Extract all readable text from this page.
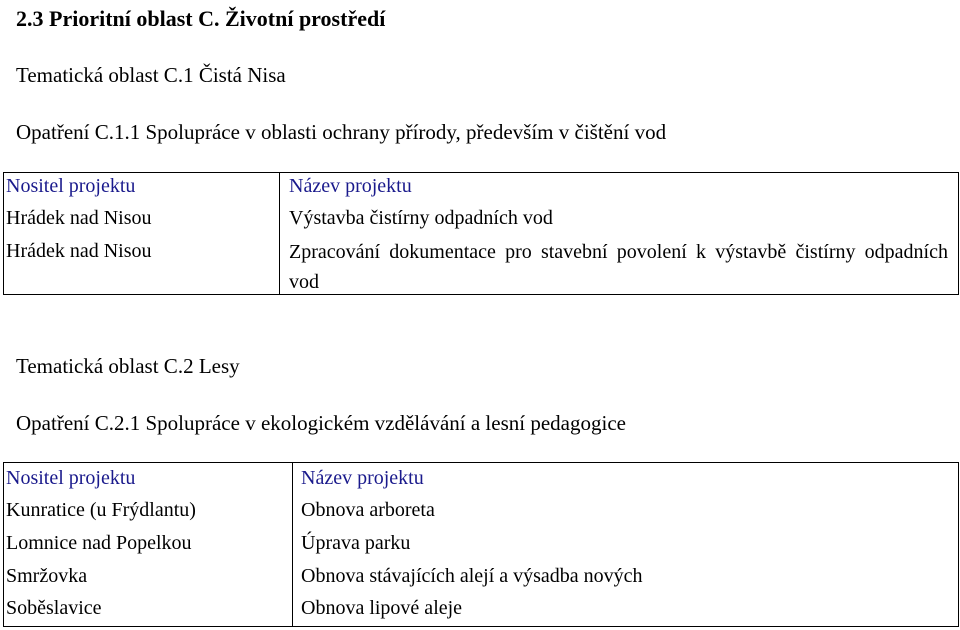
2.3 Prioritní oblast C. Životní prostředí
Tematická oblast C.1 Čistá Nisa
Opatření C.1.1 Spolupráce v oblasti ochrany přírody, především v čištění vod
Nositel projektu	Název projektu
Hrádek nad Nisou	Výstavba čistírny odpadních vod
Hrádek nad Nisou	Zpracování dokumentace pro stavební povolení k výstavbě čistírny odpadních vod
Tematická oblast C.2 Lesy
Opatření C.2.1 Spolupráce v ekologickém vzdělávání a lesní pedagogice
Nositel projektu	Název projektu
Kunratice (u Frýdlantu)	Obnova arboreta
Lomnice nad Popelkou	Úprava parku
Smržovka	Obnova stávajících alejí a výsadba nových
Soběslavice	Obnova lipové aleje
